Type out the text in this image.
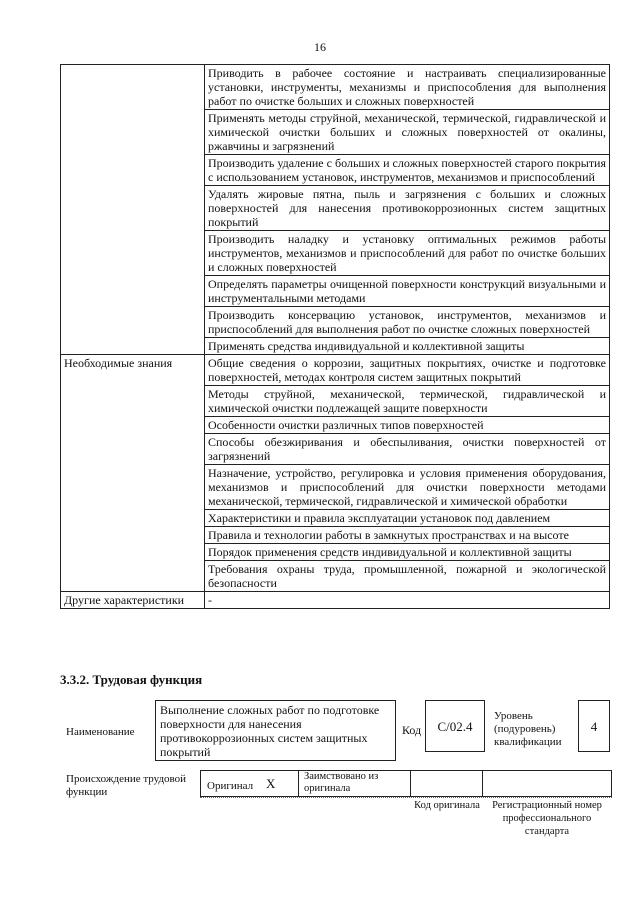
16
	Приводить в рабочее состояние и настраивать специализированные установки, инструменты, механизмы и приспособления для выполнения работ по очистке больших и сложных поверхностей
	Применять методы струйной, механической, термической, гидравлической и химической очистки больших и сложных поверхностей от окалины, ржавчины и загрязнений
	Производить удаление с больших и сложных поверхностей старого покрытия с использованием установок, инструментов, механизмов и приспособлений
	Удалять жировые пятна, пыль и загрязнения с больших и сложных поверхностей для нанесения противокоррозионных систем защитных покрытий
	Производить наладку и установку оптимальных режимов работы инструментов, механизмов и приспособлений для работ по очистке больших и сложных поверхностей
	Определять параметры очищенной поверхности конструкций визуальными и инструментальными методами
	Производить консервацию установок, инструментов, механизмов и приспособлений для выполнения работ по очистке сложных поверхностей
	Применять средства индивидуальной и коллективной защиты
Необходимые знания	Общие сведения о коррозии, защитных покрытиях, очистке и подготовке поверхностей, методах контроля систем защитных покрытий
	Методы струйной, механической, термической, гидравлической и химической очистки подлежащей защите поверхности
	Особенности очистки различных типов поверхностей
	Способы обезжиривания и обеспыливания, очистки поверхностей от загрязнений
	Назначение, устройство, регулировка и условия применения оборудования, механизмов и приспособлений для очистки поверхности методами механической, термической, гидравлической и химической обработки
	Характеристики и правила эксплуатации установок под давлением
	Правила и технологии работы в замкнутых пространствах и на высоте
	Порядок применения средств индивидуальной и коллективной защиты
	Требования охраны труда, промышленной, пожарной и экологической безопасности
Другие характеристики	-
3.3.2. Трудовая функция
Наименование
Выполнение сложных работ по подготовке поверхности для нанесения противокоррозионных систем защитных покрытий
Код	C/02.4
Уровень (подуровень) квалификации
4
Происхождение трудовой функции	Оригинал X	Заимствовано из оригинала
Код оригинала	Регистрационный номер профессионального стандарта
